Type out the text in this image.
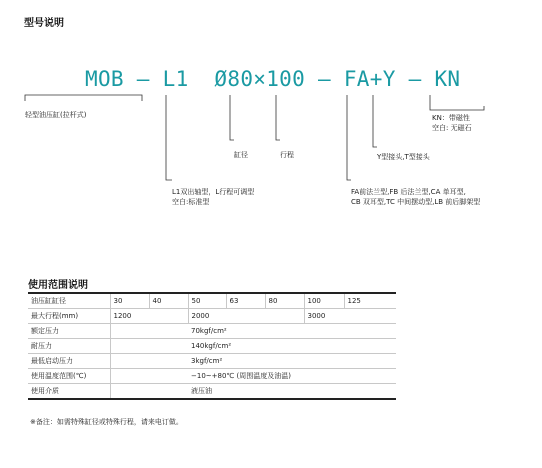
型号说明
MOB — L1  Ø80×100 — FA+Y — KN
轻型油压缸(拉杆式)
缸径	行程
L1双出轴型，L行程可调型
空白:标准型
Y型接头,T型接头
FA前法兰型,FB 后法兰型,CA 单耳型,
CB 双耳型,TC 中间摆动型,LB 前后脚架型
KN：带磁性
空白: 无磁石
使用范围说明
油压缸缸径	30	40	50	63	80	100	125
最大行程(mm)	1200		2000			3000	
额定压力			70kgf/cm²				
耐压力			140kgf/cm²				
最低启动压力			3kgf/cm²				
使用温度范围(℃)			−10~+80℃ (周围温度及油温)				
使用介质			液压油				
※备注：如需特殊缸径或特殊行程，请来电订做。
